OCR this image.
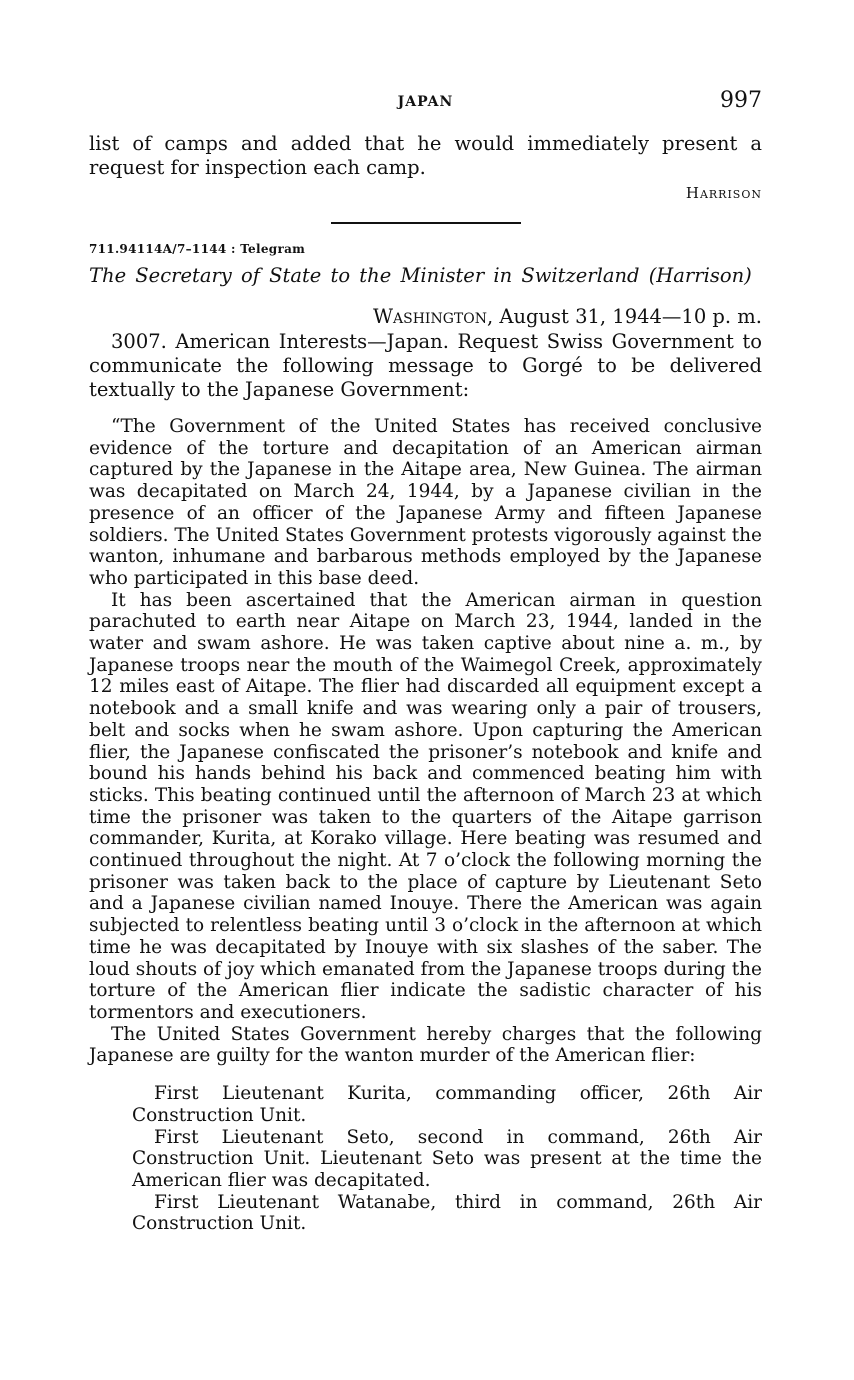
JAPAN	997

list of camps and added that he would immediately present a request for inspection each camp.

Harrison
711.94114A/7–1144 : Telegram
The Secretary of State to the Minister in Switzerland (Harrison)
Washington, August 31, 1944—10 p. m.

3007. American Interests—Japan. Request Swiss Government to communicate the following message to Gorgé to be delivered textually to the Japanese Government:

“The Government of the United States has received conclusive evidence of the torture and decapitation of an American airman captured by the Japanese in the Aitape area, New Guinea. The airman was decapitated on March 24, 1944, by a Japanese civilian in the presence of an officer of the Japanese Army and fifteen Japanese soldiers. The United States Government protests vigorously against the wanton, inhumane and barbarous methods employed by the Japanese who participated in this base deed.

It has been ascertained that the American airman in question parachuted to earth near Aitape on March 23, 1944, landed in the water and swam ashore. He was taken captive about nine a. m., by Japanese troops near the mouth of the Waimegol Creek, approximately 12 miles east of Aitape. The flier had discarded all equipment except a notebook and a small knife and was wearing only a pair of trousers, belt and socks when he swam ashore. Upon capturing the American flier, the Japanese confiscated the prisoner’s notebook and knife and bound his hands behind his back and commenced beating him with sticks. This beating continued until the afternoon of March 23 at which time the prisoner was taken to the quarters of the Aitape garrison commander, Kurita, at Korako village. Here beating was resumed and continued throughout the night. At 7 o’clock the following morning the prisoner was taken back to the place of capture by Lieutenant Seto and a Japanese civilian named Inouye. There the American was again subjected to relentless beating until 3 o’clock in the afternoon at which time he was decapitated by Inouye with six slashes of the saber. The loud shouts of joy which emanated from the Japanese troops during the torture of the American flier indicate the sadistic character of his tormentors and executioners.

The United States Government hereby charges that the following Japanese are guilty for the wanton murder of the American flier:

First Lieutenant Kurita, commanding officer, 26th Air Construction Unit.

First Lieutenant Seto, second in command, 26th Air Construction Unit. Lieutenant Seto was present at the time the American flier was decapitated.

First Lieutenant Watanabe, third in command, 26th Air Construction Unit.
